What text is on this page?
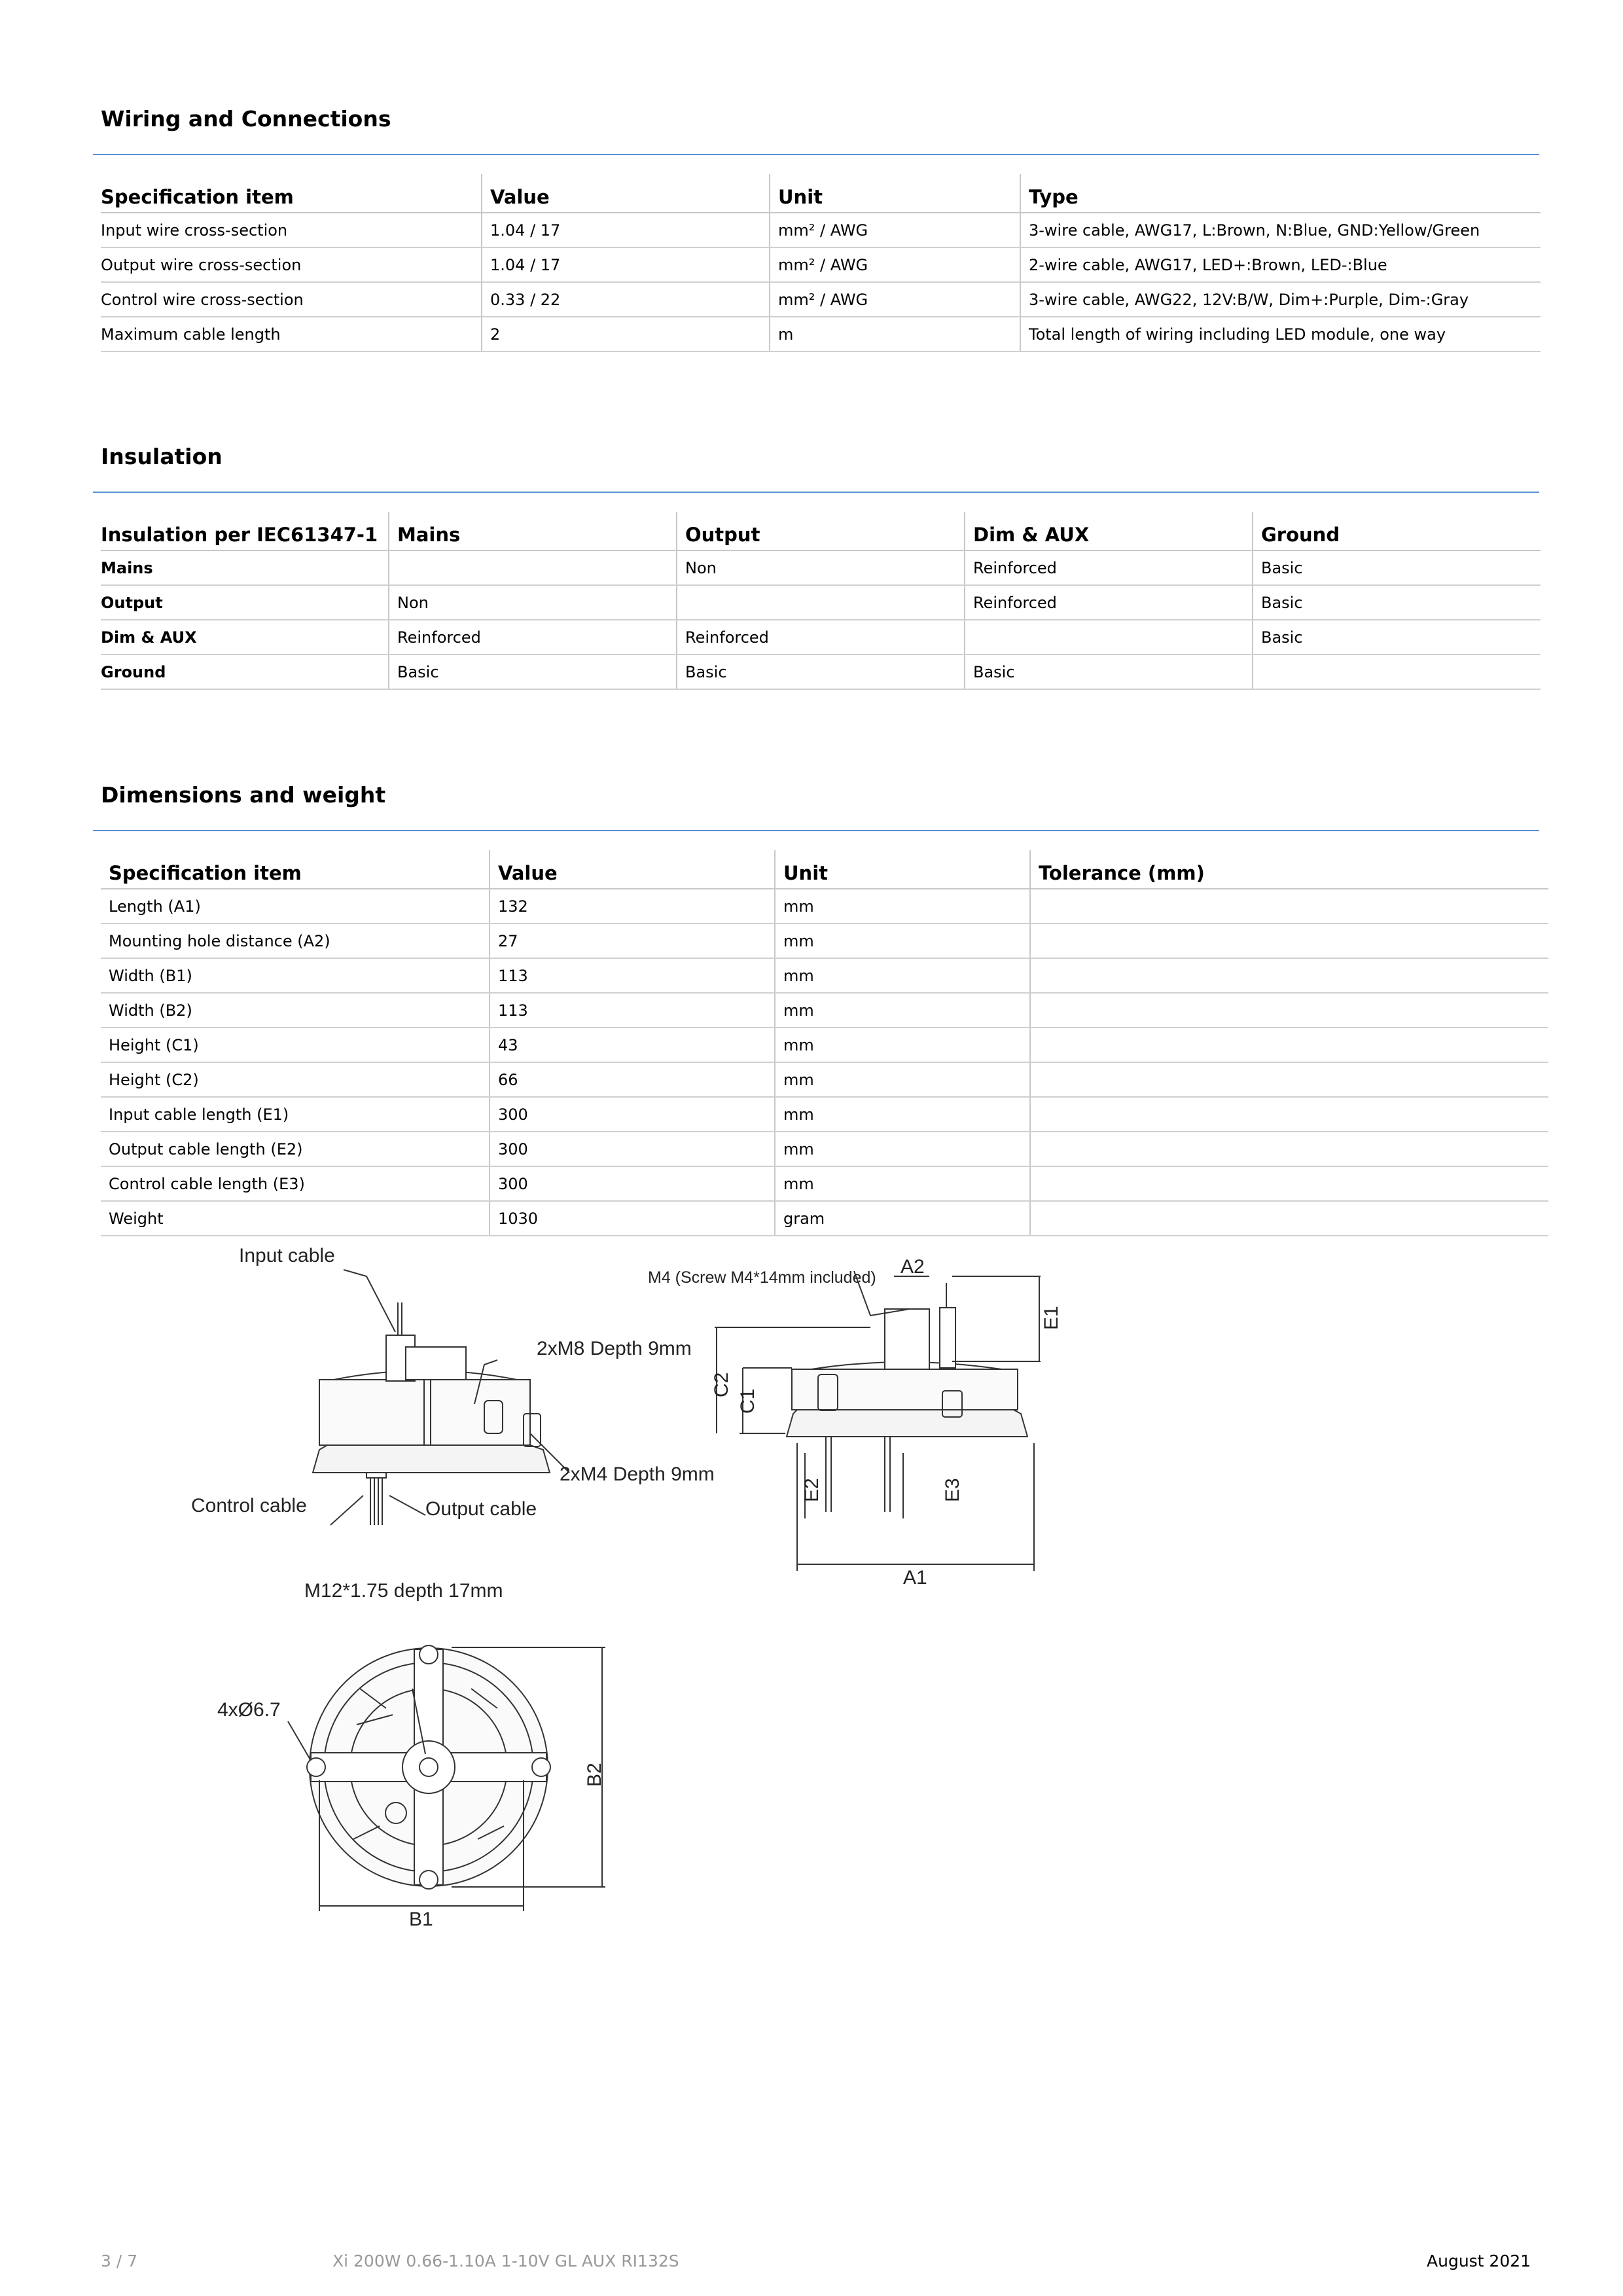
Wiring and Connections
Specification item	Value	Unit	Type
Input wire cross-section	1.04 / 17	mm² / AWG	3-wire cable, AWG17, L:Brown, N:Blue, GND:Yellow/Green
Output wire cross-section	1.04 / 17	mm² / AWG	2-wire cable, AWG17, LED+:Brown, LED-:Blue
Control wire cross-section	0.33 / 22	mm² / AWG	3-wire cable, AWG22, 12V:B/W, Dim+:Purple, Dim-:Gray
Maximum cable length	2	m	Total length of wiring including LED module, one way
Insulation
Insulation per IEC61347-1	Mains	Output	Dim & AUX	Ground
Mains		Non	Reinforced	Basic
Output	Non		Reinforced	Basic
Dim & AUX	Reinforced	Reinforced		Basic
Ground	Basic	Basic	Basic	
Dimensions and weight
Specification item	Value	Unit	Tolerance (mm)
Length (A1)	132	mm	
Mounting hole distance (A2)	27	mm	
Width (B1)	113	mm	
Width (B2)	113	mm	
Height (C1)	43	mm	
Height (C2)	66	mm	
Input cable length (E1)	300	mm	
Output cable length (E2)	300	mm	
Control cable length (E3)	300	mm	
Weight	1030	gram	
Input cable
2xM8 Depth 9mm
2xM4 Depth 9mm
Control cable	Output cable
M4 (Screw M4*14mm included) A2
E1
C2
C1
E2	E3
A1
M12*1.75 depth 17mm
4xØ6.7
B2
B1
3 / 7	Xi 200W 0.66-1.10A 1-10V GL AUX RI132S	August 2021
